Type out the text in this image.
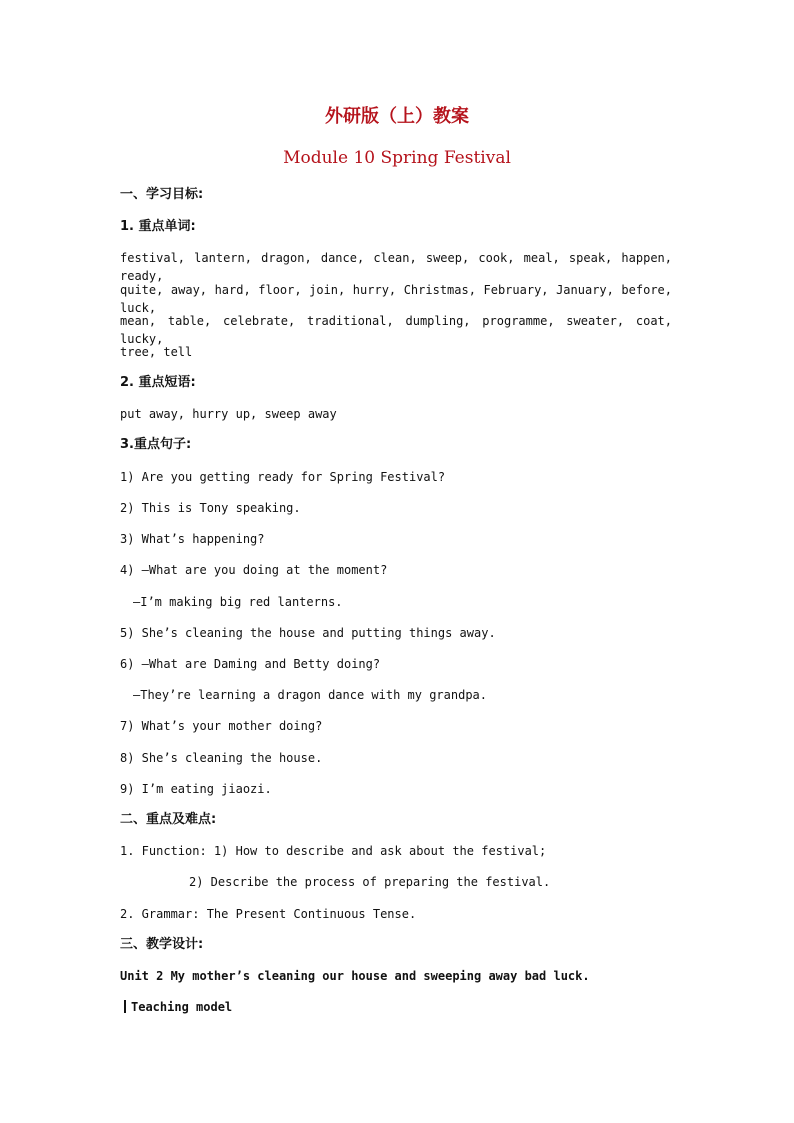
外研版（上）教案
Module 10 Spring Festival
一、学习目标:
1. 重点单词:
festival, lantern, dragon, dance, clean, sweep, cook, meal, speak, happen, ready,
quite, away, hard, floor, join, hurry, Christmas, February, January, before, luck,
mean, table, celebrate, traditional, dumpling, programme, sweater, coat, lucky,
tree, tell
2. 重点短语:
put away, hurry up, sweep away
3.重点句子:
1) Are you getting ready for Spring Festival?
2) This is Tony speaking.
3) What’s happening?
4) —What are you doing at the moment?
—I’m making big red lanterns.
5) She’s cleaning the house and putting things away.
6) —What are Daming and Betty doing?
—They’re learning a dragon dance with my grandpa.
7) What’s your mother doing?
8) She’s cleaning the house.
9) I’m eating jiaozi.
二、重点及难点:
1. Function: 1) How to describe and ask about the festival;
2) Describe the process of preparing the festival.
2. Grammar: The Present Continuous Tense.
三、教学设计:
Unit 2 My mother’s cleaning our house and sweeping away bad luck.
Teaching model
